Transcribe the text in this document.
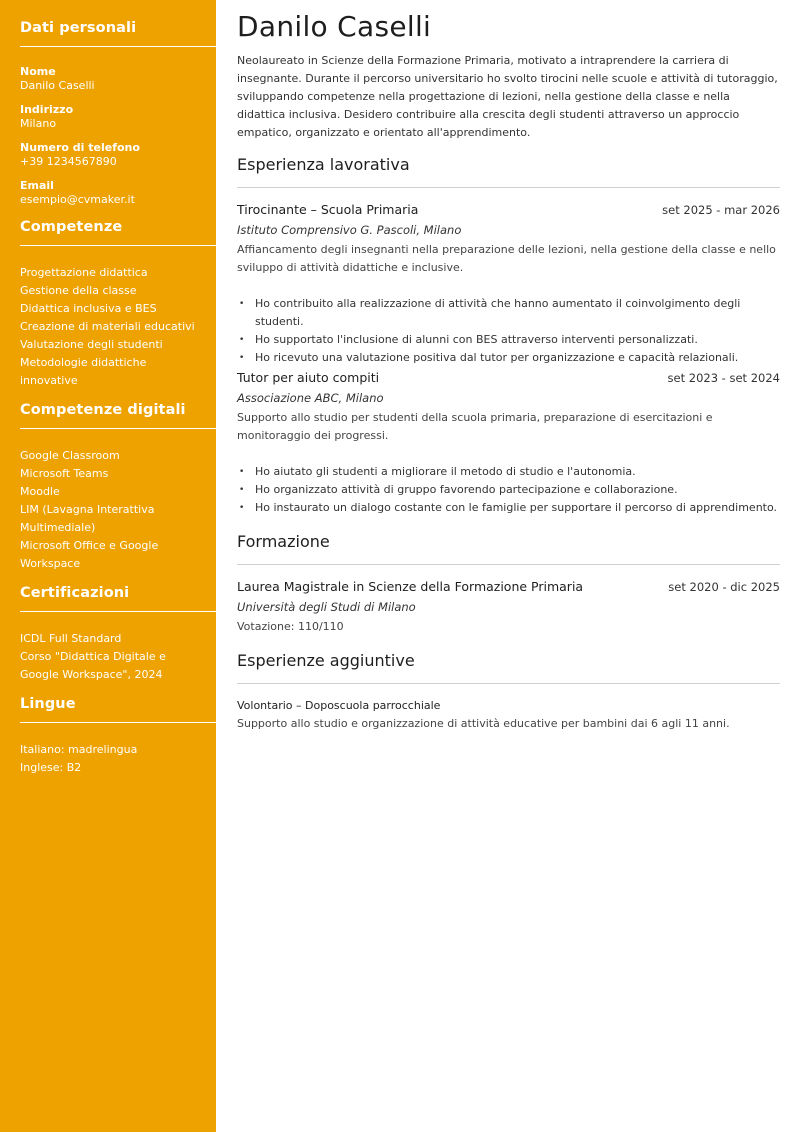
Dati personali

Nome

Danilo Caselli

Indirizzo

Milano

Numero di telefono

+39 1234567890

Email

esempio@cvmaker.it

Competenze
Progettazione didattica
Gestione della classe
Didattica inclusiva e BES
Creazione di materiali educativi
Valutazione degli studenti
Metodologie didattiche innovative
Competenze digitali
Google Classroom
Microsoft Teams
Moodle
LIM (Lavagna Interattiva Multimediale)
Microsoft Office e Google Workspace
Certificazioni
ICDL Full Standard
Corso "Didattica Digitale e Google Workspace", 2024
Lingue
Italiano: madrelingua
Inglese: B2
Danilo Caselli

Neolaureato in Scienze della Formazione Primaria, motivato a intraprendere la carriera di insegnante. Durante il percorso universitario ho svolto tirocini nelle scuole e attività di tutoraggio, sviluppando competenze nella progettazione di lezioni, nella gestione della classe e nella didattica inclusiva. Desidero contribuire alla crescita degli studenti attraverso un approccio empatico, organizzato e orientato all'apprendimento.

Esperienza lavorativa
Tirocinante – Scuola Primaria	set 2025 - mar 2026
Istituto Comprensivo G. Pascoli, Milano
Affiancamento degli insegnanti nella preparazione delle lezioni, nella gestione della classe e nello sviluppo di attività didattiche e inclusive.
• Ho contribuito alla realizzazione di attività che hanno aumentato il coinvolgimento degli studenti.
• Ho supportato l'inclusione di alunni con BES attraverso interventi personalizzati.
• Ho ricevuto una valutazione positiva dal tutor per organizzazione e capacità relazionali.
Tutor per aiuto compiti	set 2023 - set 2024
Associazione ABC, Milano
Supporto allo studio per studenti della scuola primaria, preparazione di esercitazioni e monitoraggio dei progressi.
• Ho aiutato gli studenti a migliorare il metodo di studio e l'autonomia.
• Ho organizzato attività di gruppo favorendo partecipazione e collaborazione.
• Ho instaurato un dialogo costante con le famiglie per supportare il percorso di apprendimento.
Formazione
Laurea Magistrale in Scienze della Formazione Primaria	set 2020 - dic 2025
Università degli Studi di Milano
Votazione: 110/110
Esperienze aggiuntive
Volontario – Doposcuola parrocchiale
Supporto allo studio e organizzazione di attività educative per bambini dai 6 agli 11 anni.
